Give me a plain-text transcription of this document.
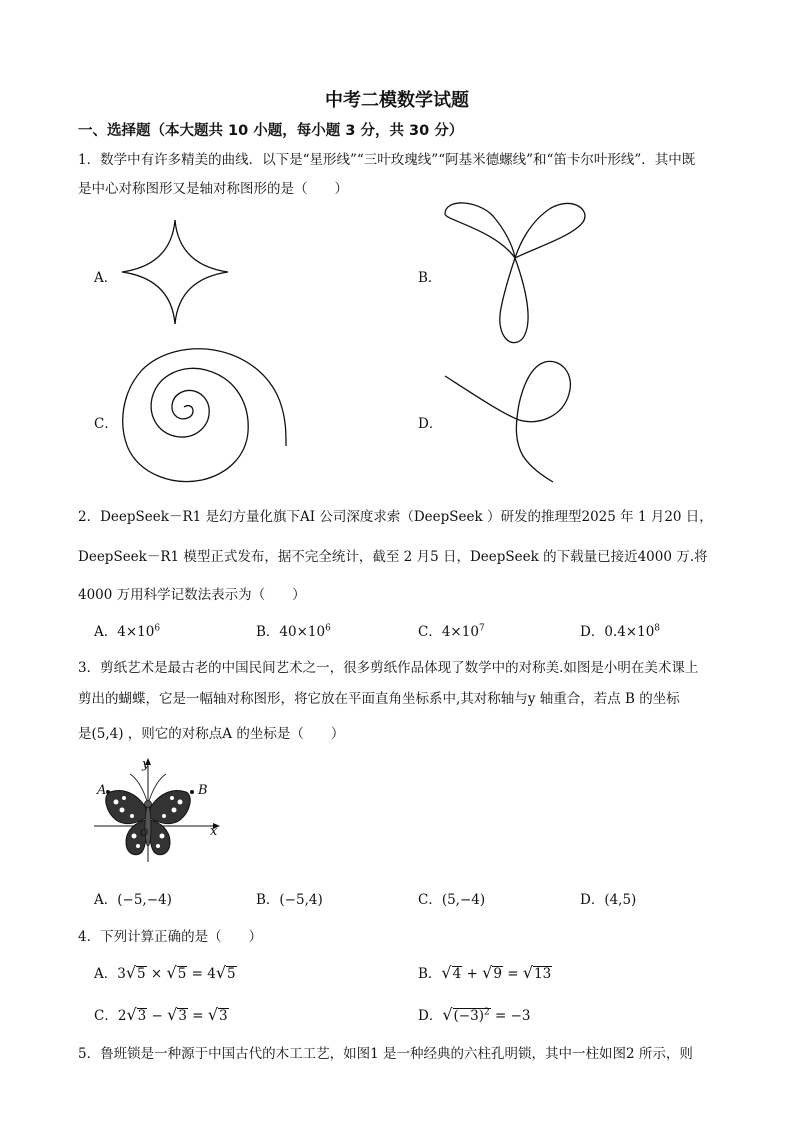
中考二模数学试题
一、选择题（本大题共 10 小题，每小题 3 分，共 30 分）
1．数学中有许多精美的曲线．以下是“星形线”“三叶玫瑰线”“阿基米德螺线”和“笛卡尔叶形线”．其中既
是中心对称图形又是轴对称图形的是（　　）
A．	B．
C．	D．
2．DeepSeek－R1 是幻方量化旗下AI 公司深度求索（DeepSeek ）研发的推理型2025 年 1 月20 日，
DeepSeek－R1 模型正式发布，据不完全统计，截至 2 月5 日，DeepSeek 的下载量已接近4000 万.将
4000 万用科学记数法表示为（　　）
A．$4\times 10^6$	B．$40\times 10^6$	C．$4\times 10^7$	D．$0.4\times 10^8$
3．剪纸艺术是最古老的中国民间艺术之一，很多剪纸作品体现了数学中的对称美.如图是小明在美术课上
剪出的蝴蝶，它是一幅轴对称图形，将它放在平面直角坐标系中,其对称轴与y 轴重合，若点 B 的坐标
是(5,4) ，则它的对称点A 的坐标是（　　）
y
x
A	B
O
A．(−5,−4)	B．(−5,4)	C．(5,−4)	D．(4,5)
4．下列计算正确的是（　　）
A．3√5 × √5 = 4√5	B．√4 + √9 = √13
C．2√3 − √3 = √3	D．$√(-3)^2 = -3$
5．鲁班锁是一种源于中国古代的木工工艺，如图1 是一种经典的六柱孔明锁，其中一柱如图2 所示，则
